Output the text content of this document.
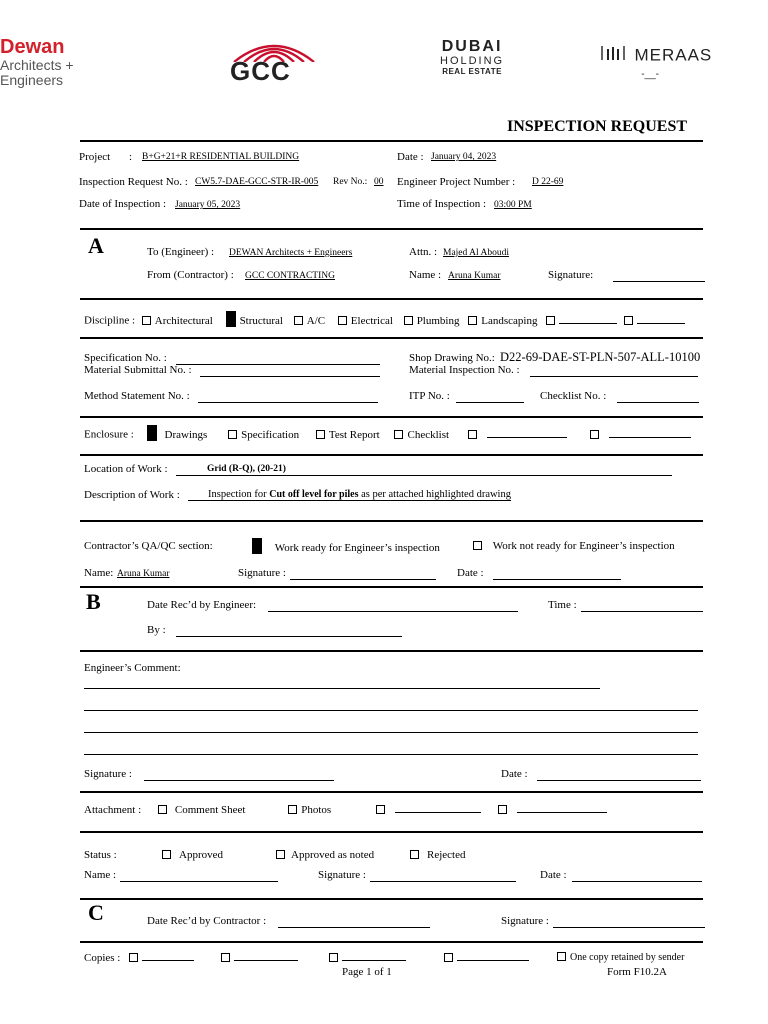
Dewan
Architects +
Engineers	GCC
DUBAI
HOLDING
REAL ESTATE
MERAAS
-__-
INSPECTION REQUEST
Project : B+G+21+R RESIDENTIAL BUILDING	Date : January 04, 2023
Inspection Request No. : CW5.7-DAE-GCC-STR-IR-005 Rev No.: 00 Engineer Project Number : D 22-69
Date of Inspection : January 05, 2023	Time of Inspection : 03:00 PM
A	To (Engineer) : DEWAN Architects + Engineers	Attn. : Majed Al Aboudi
From (Contractor) : GCC CONTRACTING	Name : Aruna Kumar	Signature:
Discipline : Architectural Structural A/C Electrical Plumbing Landscaping
Specification No. :	Shop Drawing No.: D22-69-DAE-ST-PLN-507-ALL-10100
Material Submittal No. :	Material Inspection No. :
Method Statement No. :	ITP No. :	Checklist No. :
Enclosure :	Drawings	Specification	Test Report	Checklist
Location of Work :	Grid (R-Q), (20-21)
Description of Work :	Inspection for Cut off level for piles as per attached highlighted drawing
Contractor’s QA/QC section:	Work ready for Engineer’s inspection	Work not ready for Engineer’s inspection
Name: Aruna Kumar	Signature :	Date :
B	Date Rec’d by Engineer:	Time :
By :
Engineer’s Comment:
Signature :	Date :
Attachment :	Comment Sheet	Photos
Status :	Approved	Approved as noted	Rejected
Name :	Signature :	Date :
C	Date Rec’d by Contractor :	Signature :
Copies :	One copy retained by sender
Page 1 of 1	Form F10.2A
